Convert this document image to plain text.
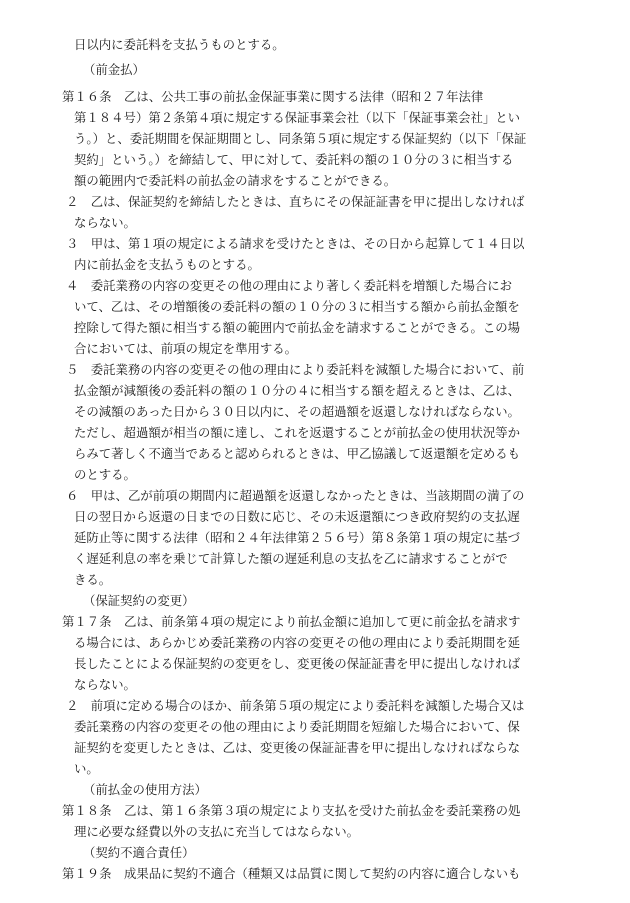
日以内に委託料を支払うものとする。
（前金払）
第１６条　乙は、公共工事の前払金保証事業に関する法律（昭和２７年法律
第１８４号）第２条第４項に規定する保証事業会社（以下「保証事業会社」とい
う。）と、委託期間を保証期間とし、同条第５項に規定する保証契約（以下「保証
契約」という。）を締結して、甲に対して、委託料の額の１０分の３に相当する
額の範囲内で委託料の前払金の請求をすることができる。
２　乙は、保証契約を締結したときは、直ちにその保証証書を甲に提出しなければ
ならない。
３　甲は、第１項の規定による請求を受けたときは、その日から起算して１４日以
内に前払金を支払うものとする。
４　委託業務の内容の変更その他の理由により著しく委託料を増額した場合にお
いて、乙は、その増額後の委託料の額の１０分の３に相当する額から前払金額を
控除して得た額に相当する額の範囲内で前払金を請求することができる。この場
合においては、前項の規定を準用する。
５　委託業務の内容の変更その他の理由により委託料を減額した場合において、前
払金額が減額後の委託料の額の１０分の４に相当する額を超えるときは、乙は、
その減額のあった日から３０日以内に、その超過額を返還しなければならない。
ただし、超過額が相当の額に達し、これを返還することが前払金の使用状況等か
らみて著しく不適当であると認められるときは、甲乙協議して返還額を定めるも
のとする。
６　甲は、乙が前項の期間内に超過額を返還しなかったときは、当該期間の満了の
日の翌日から返還の日までの日数に応じ、その未返還額につき政府契約の支払遅
延防止等に関する法律（昭和２４年法律第２５６号）第８条第１項の規定に基づ
く遅延利息の率を乗じて計算した額の遅延利息の支払を乙に請求することがで
きる。
（保証契約の変更）
第１７条　乙は、前条第４項の規定により前払金額に追加して更に前金払を請求す
る場合には、あらかじめ委託業務の内容の変更その他の理由により委託期間を延
長したことによる保証契約の変更をし、変更後の保証証書を甲に提出しなければ
ならない。
２　前項に定める場合のほか、前条第５項の規定により委託料を減額した場合又は
委託業務の内容の変更その他の理由により委託期間を短縮した場合において、保
証契約を変更したときは、乙は、変更後の保証証書を甲に提出しなければならな
い。
（前払金の使用方法）
第１８条　乙は、第１６条第３項の規定により支払を受けた前払金を委託業務の処
理に必要な経費以外の支払に充当してはならない。
（契約不適合責任）
第１９条　成果品に契約不適合（種類又は品質に関して契約の内容に適合しないも
